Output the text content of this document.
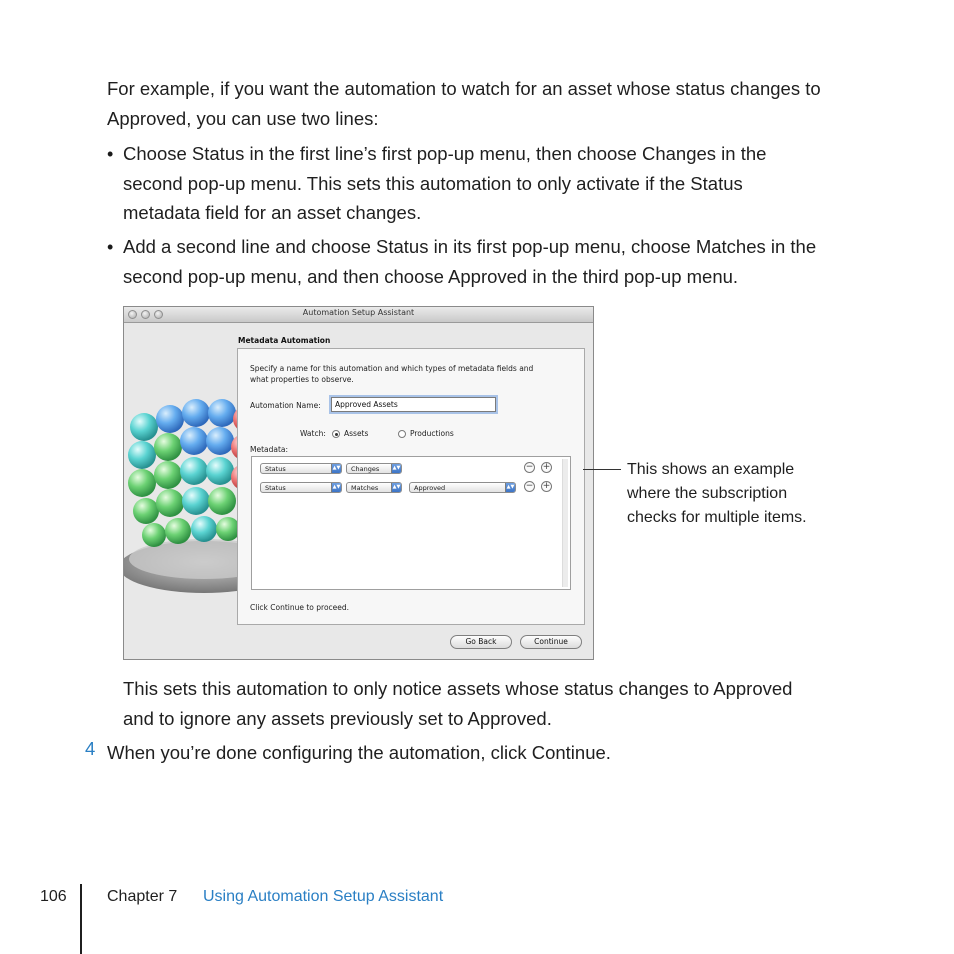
For example, if you want the automation to watch for an asset whose status changes to
Approved, you can use two lines:
• Choose Status in the first line’s first pop-up menu, then choose Changes in the
second pop-up menu. This sets this automation to only activate if the Status
metadata field for an asset changes.
• Add a second line and choose Status in its first pop-up menu, choose Matches in the
second pop-up menu, and then choose Approved in the third pop-up menu.
Automation Setup Assistant
Metadata Automation
Specify a name for this automation and which types of metadata fields and
what properties to observe.
Automation Name:	Approved Assets
Watch: Assets	Productions
Metadata:
Status	▲▼	Changes	▲▼	− +
Status	▲▼	Matches	▲▼	Approved	▲▼ − +
Click Continue to proceed.
Go Back	Continue
This shows an example
where the subscription
checks for multiple items.
This sets this automation to only notice assets whose status changes to Approved
and to ignore any assets previously set to Approved.
4 When you’re done configuring the automation, click Continue.
106	Chapter 7 Using Automation Setup Assistant
